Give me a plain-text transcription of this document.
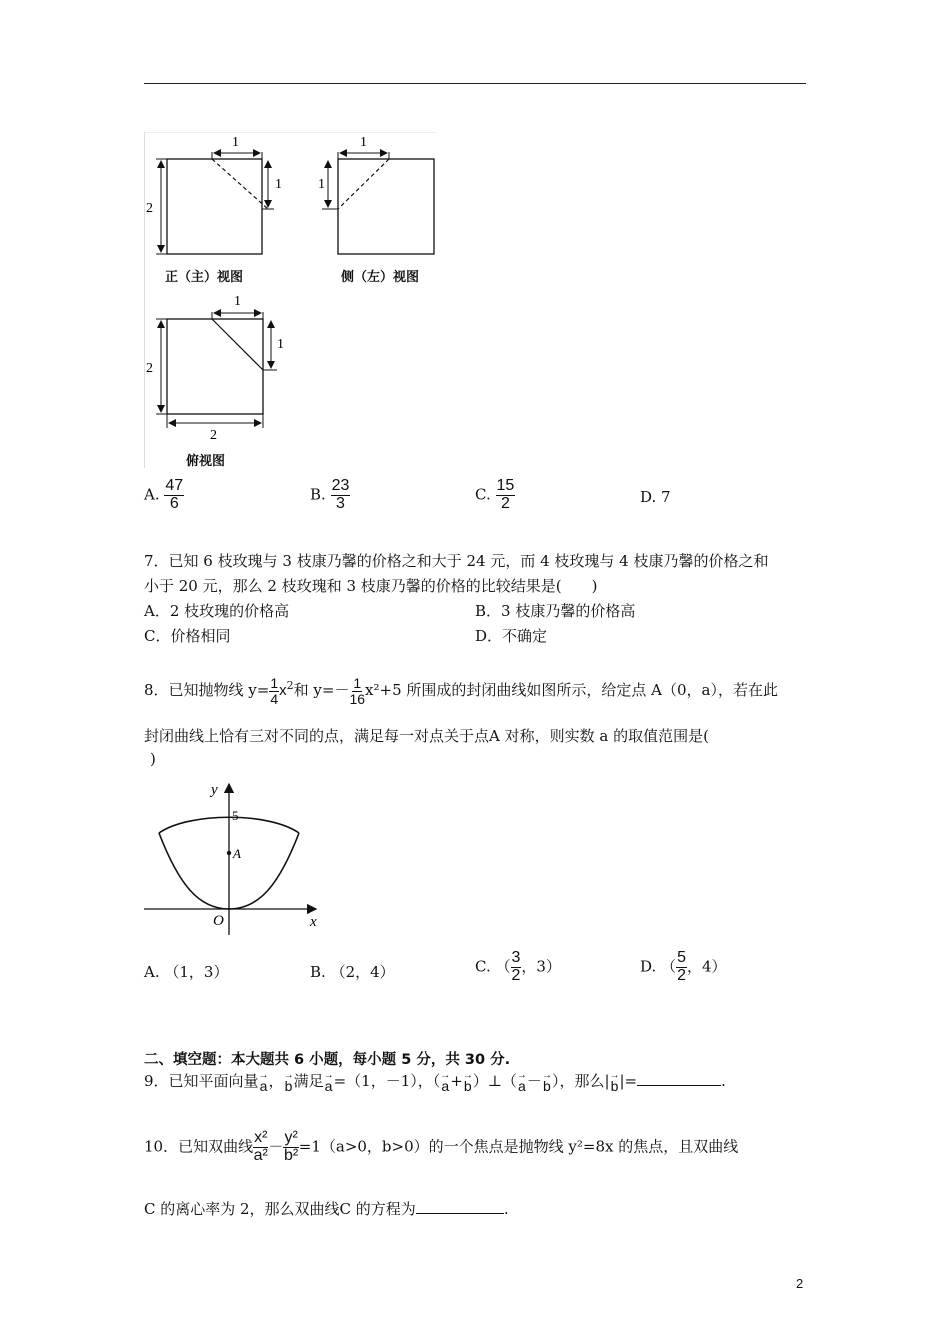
1
1
2
1
1
1
1
2
2
正（主）视图	侧（左）视图
俯视图
A. $\frac{47}{6}$	B. $\frac{23}{3}$	C. $\frac{15}{2}$	D. 7
7．已知 6 枝玫瑰与 3 枝康乃馨的价格之和大于 24 元，而 4 枝玫瑰与 4 枝康乃馨的价格之和
小于 20 元，那么 2 枝玫瑰和 3 枝康乃馨的价格的比较结果是(　　)
A．2 枝玫瑰的价格高	B．3 枝康乃馨的价格高
C．价格相同	D．不确定
8．已知抛物线 $y= \frac{1}{4} x^2$和 $y=- \frac{1}{16} x^2+5$ 所围成的封闭曲线如图所示，给定点 A（0，a），若在此
封闭曲线上恰有三对不同的点，满足每一对点关于点A 对称，则实数 a 的取值范围是(
)
y
x
O
5
A
A. （1，3）	B. （2，4）	C. （ $\frac{3}{2}$ ，3）	D. （ $\frac{5}{2}$ ，4）
二、填空题：本大题共 6 小题，每小题 5 分，共 30 分.
9．已知平面向量 →
a ， →
b 满足 →
a =（1，－1），（ →
a + →
b ）⊥（ →
a － →
b ），那么| →
b |=	.
10．已知双曲线 $\frac{\text{x²}}{\text{a²}} - \frac{\text{y²}}{\text{b²}} =1(a>0$，b>0）的一个焦点是抛物线 y²=8x 的焦点，且双曲线
C 的离心率为 2，那么双曲线C 的方程为	.
2
